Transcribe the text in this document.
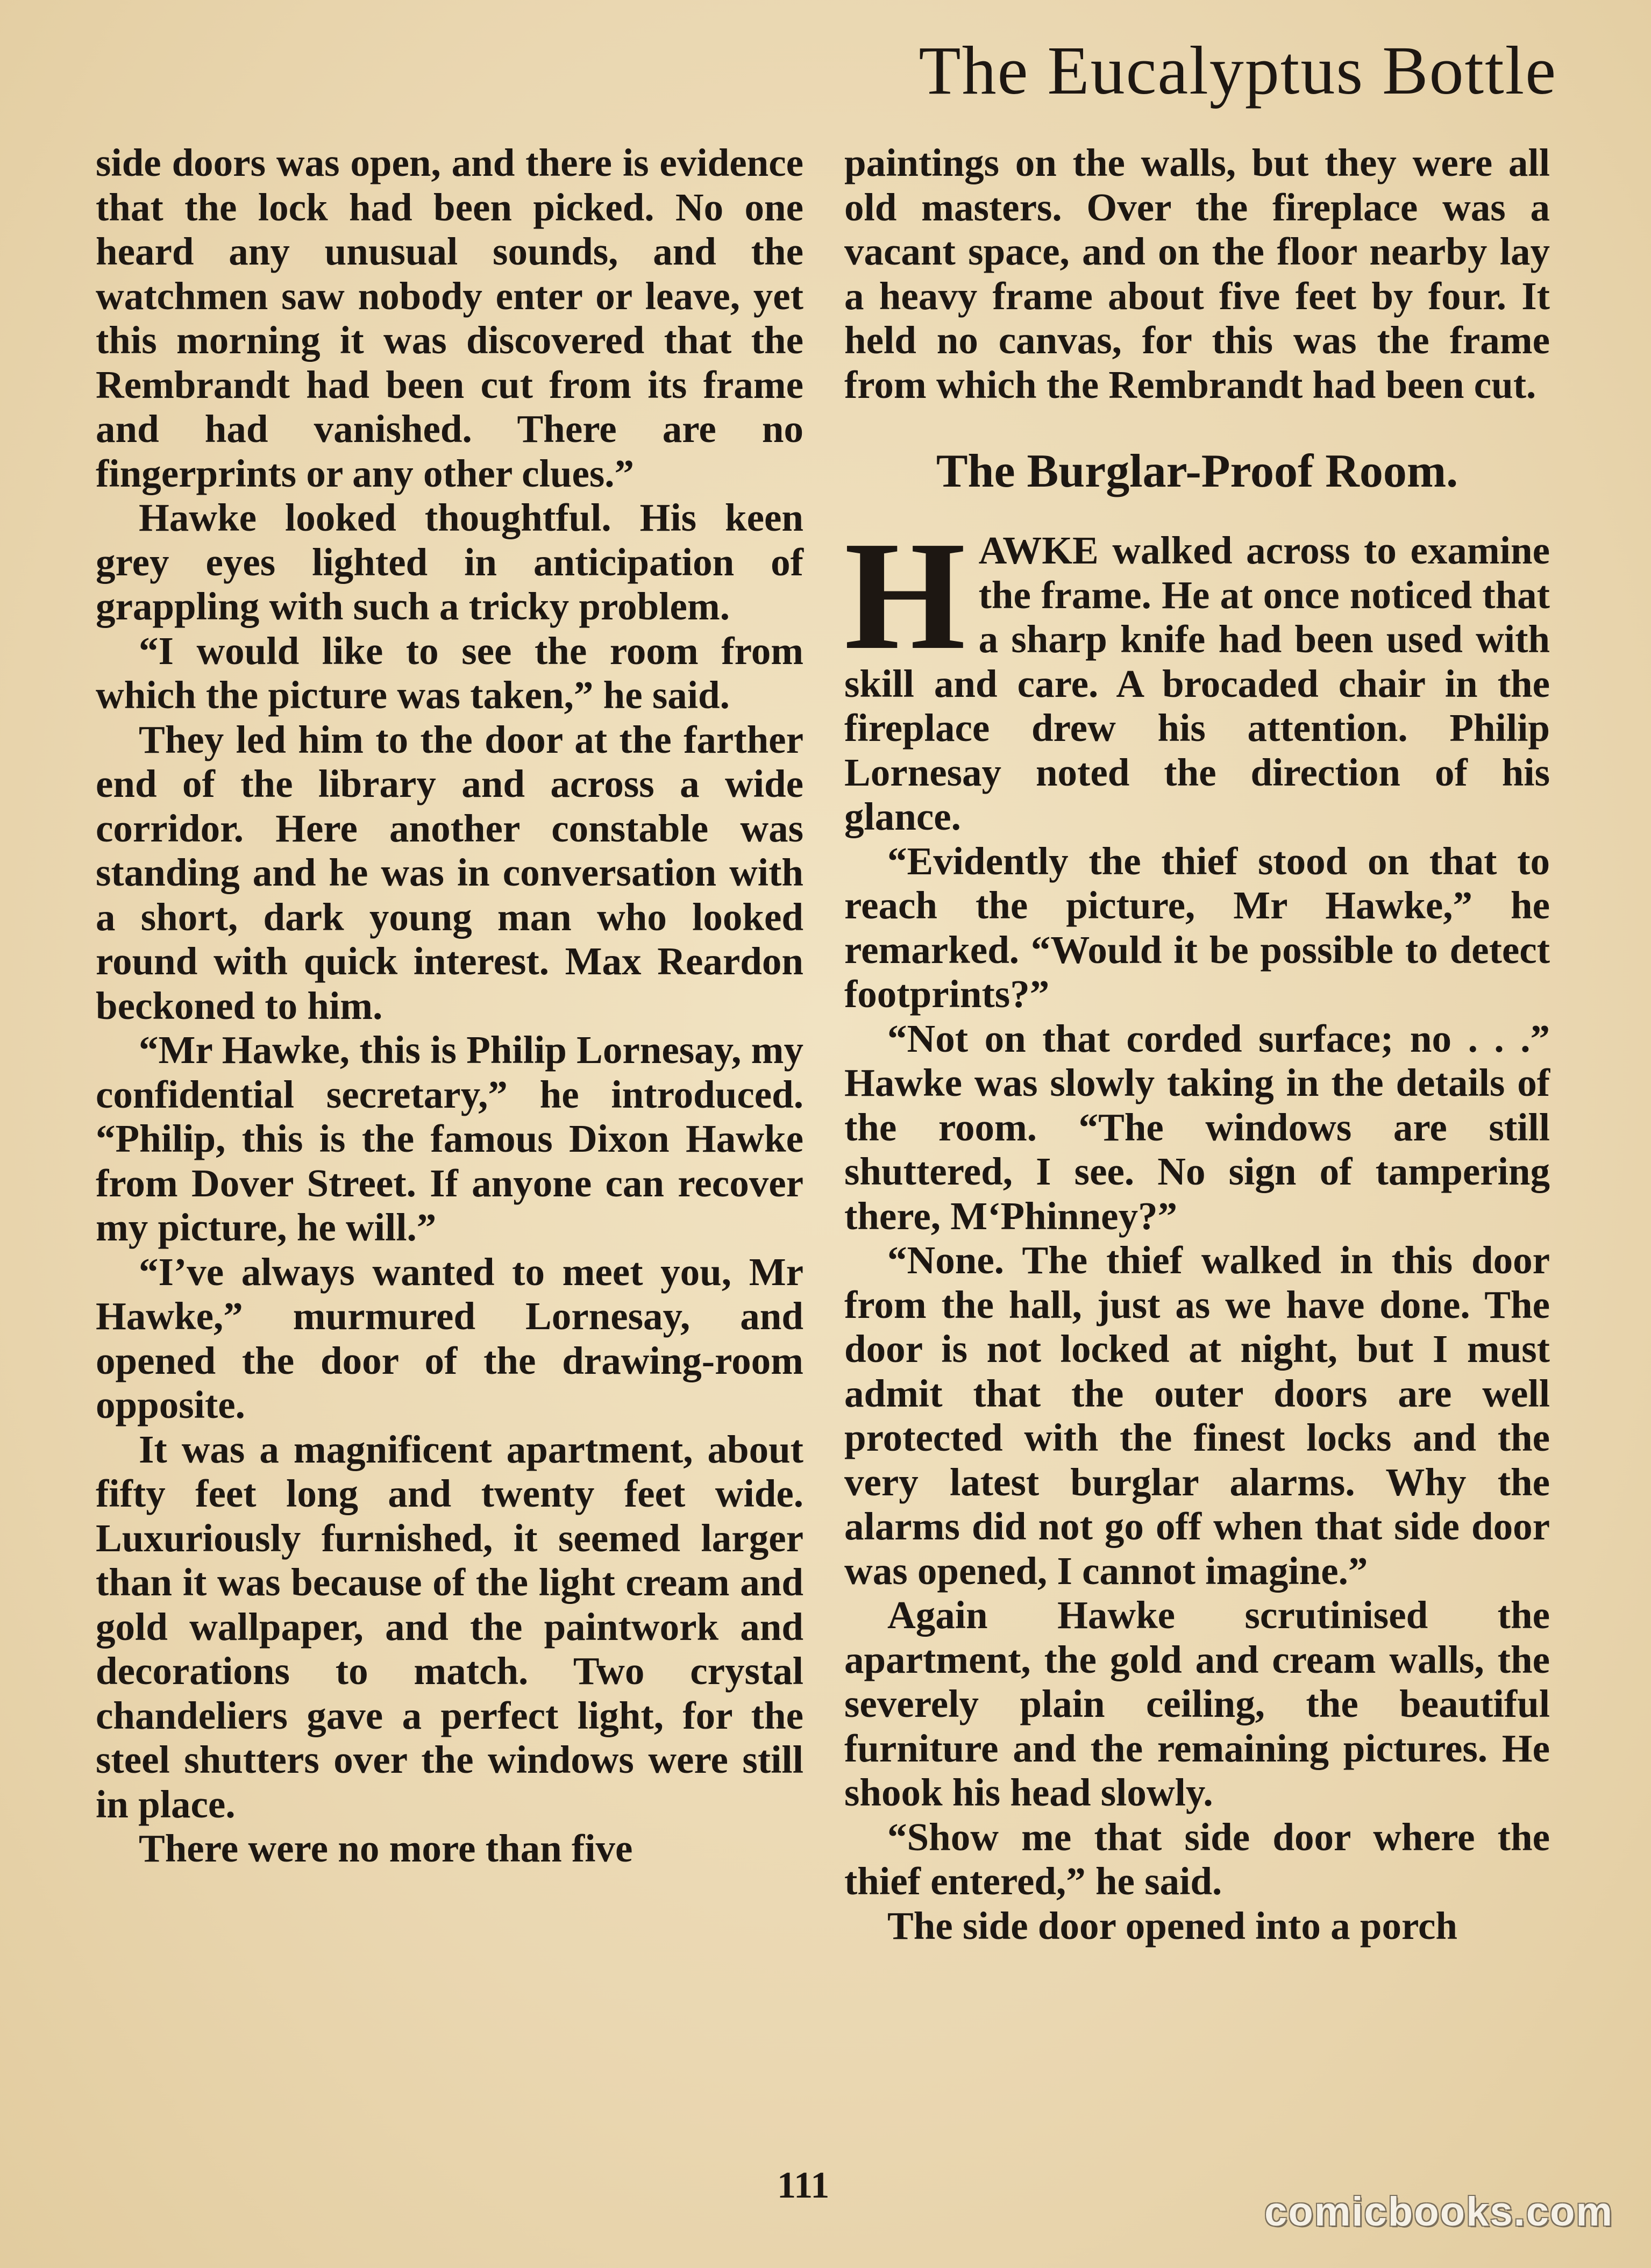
The Eucalyptus Bottle

side doors was open, and there is evidence that the lock had been picked. No one heard any unusual sounds, and the watchmen saw nobody enter or leave, yet this morning it was discovered that the Rembrandt had been cut from its frame and had vanished. There are no fingerprints or any other clues.”

Hawke looked thoughtful. His keen grey eyes lighted in anticipation of grappling with such a tricky problem.

“I would like to see the room from which the picture was taken,” he said.

They led him to the door at the farther end of the library and across a wide corridor. Here another constable was standing and he was in conversation with a short, dark young man who looked round with quick interest. Max Reardon beckoned to him.

“Mr Hawke, this is Philip Lornesay, my confidential secretary,” he introduced. “Philip, this is the famous Dixon Hawke from Dover Street. If anyone can recover my picture, he will.”

“I’ve always wanted to meet you, Mr Hawke,” murmured Lornesay, and opened the door of the drawing-room opposite.

It was a magnificent apartment, about fifty feet long and twenty feet wide. Luxuriously furnished, it seemed larger than it was because of the light cream and gold wallpaper, and the paintwork and decorations to match. Two crystal chandeliers gave a perfect light, for the steel shutters over the windows were still in place.

There were no more than five

paintings on the walls, but they were all old masters. Over the fireplace was a vacant space, and on the floor nearby lay a heavy frame about five feet by four. It held no canvas, for this was the frame from which the Rembrandt had been cut.

The Burglar-Proof Room.

HAWKE walked across to examine the frame. He at once noticed that a sharp knife had been used with skill and care. A brocaded chair in the fireplace drew his attention. Philip Lornesay noted the direction of his glance.

“Evidently the thief stood on that to reach the picture, Mr Hawke,” he remarked. “Would it be possible to detect footprints?”

“Not on that corded surface; no . . .” Hawke was slowly taking in the details of the room. “The windows are still shuttered, I see. No sign of tampering there, M‘Phinney?”

“None. The thief walked in this door from the hall, just as we have done. The door is not locked at night, but I must admit that the outer doors are well protected with the finest locks and the very latest burglar alarms. Why the alarms did not go off when that side door was opened, I cannot imagine.”

Again Hawke scrutinised the apartment, the gold and cream walls, the severely plain ceiling, the beautiful furniture and the remaining pictures. He shook his head slowly.

“Show me that side door where the thief entered,” he said.

The side door opened into a porch

111
comicbooks.com
